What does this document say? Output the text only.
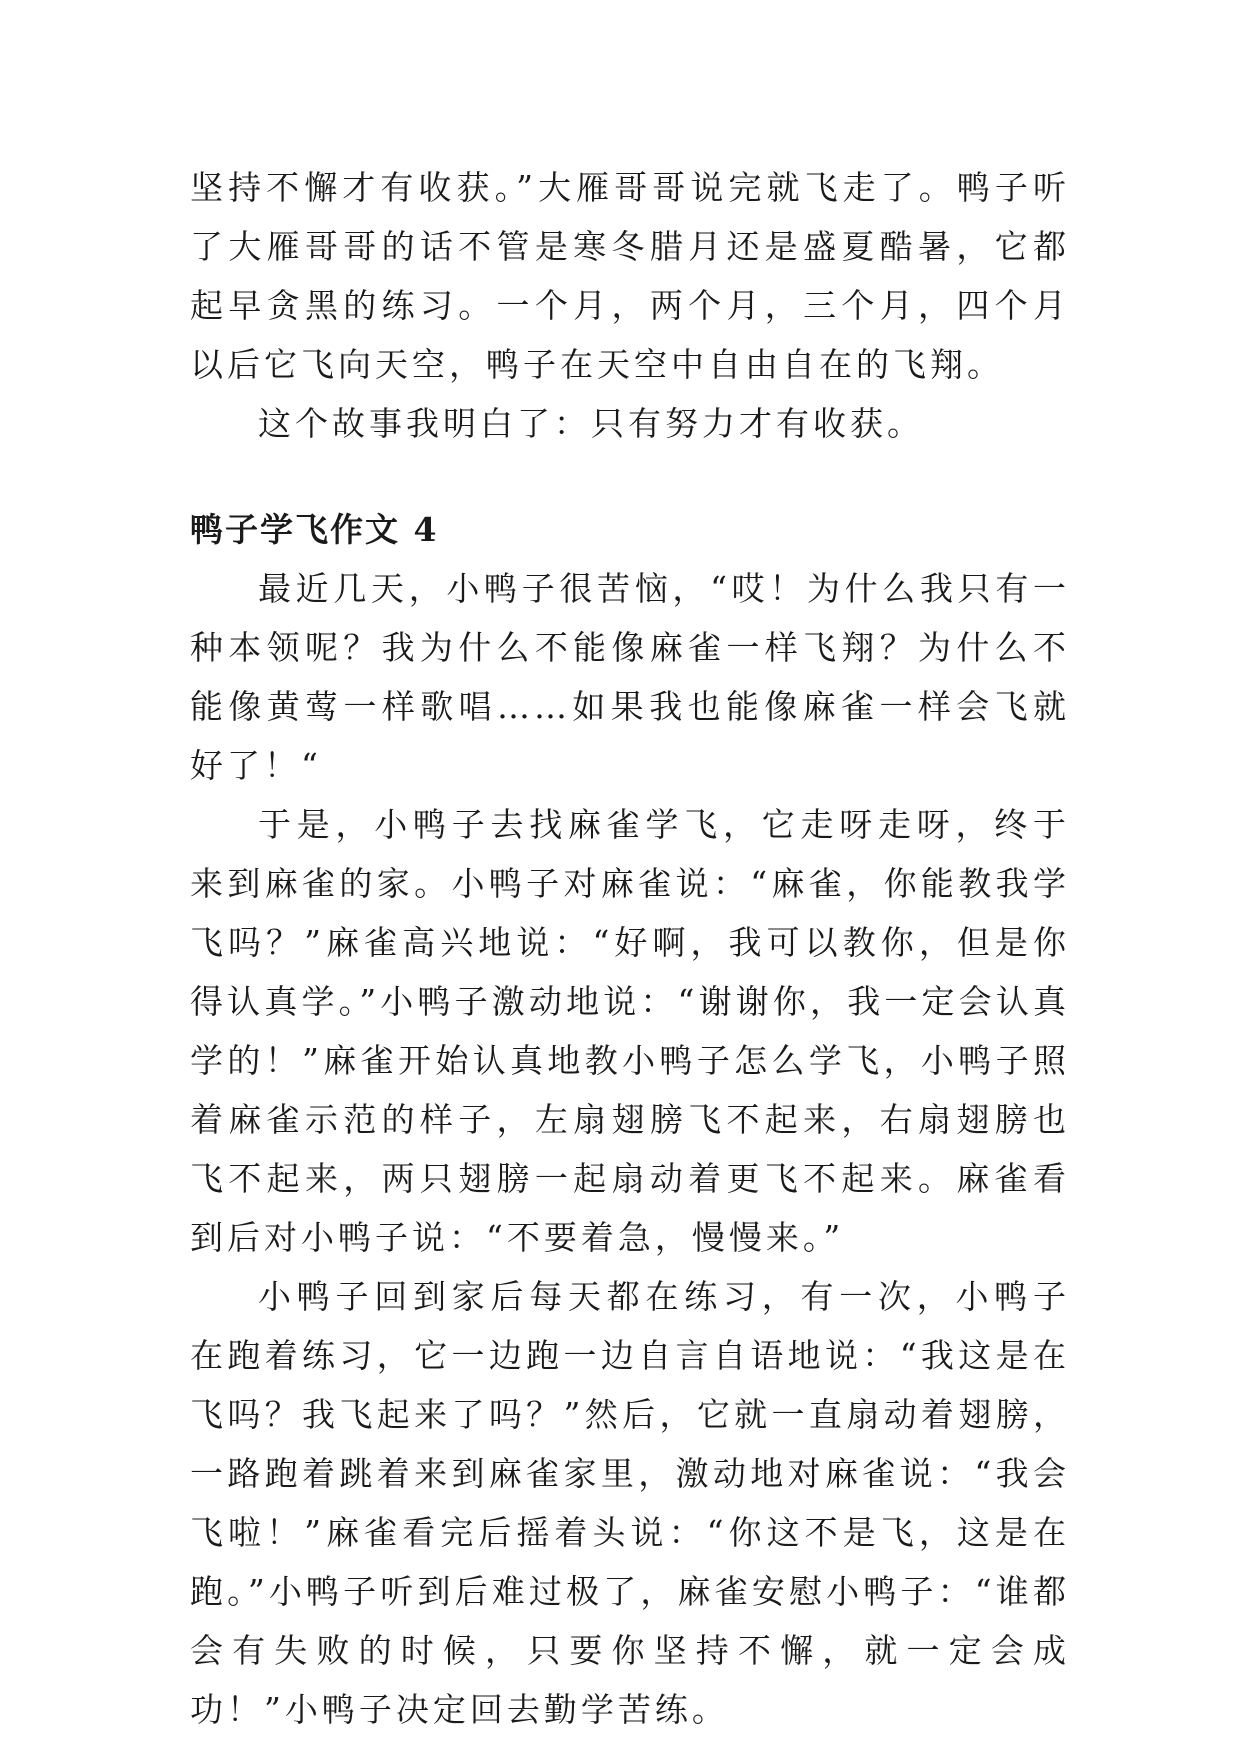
坚持不懈才有收获。”大雁哥哥说完就飞走了。鸭子听了大雁哥哥的话不管是寒冬腊月还是盛夏酷暑，它都起早贪黑的练习。一个月，两个月，三个月，四个月以后它飞向天空，鸭子在天空中自由自在的飞翔。

这个故事我明白了：只有努力才有收获。

鸭子学飞作文 4

最近几天，小鸭子很苦恼，“哎！为什么我只有一种本领呢？我为什么不能像麻雀一样飞翔？为什么不能像黄莺一样歌唱……如果我也能像麻雀一样会飞就好了！“

于是，小鸭子去找麻雀学飞，它走呀走呀，终于来到麻雀的家。小鸭子对麻雀说：“麻雀，你能教我学飞吗？”麻雀高兴地说：“好啊，我可以教你，但是你得认真学。”小鸭子激动地说：“谢谢你，我一定会认真学的！”麻雀开始认真地教小鸭子怎么学飞，小鸭子照着麻雀示范的样子，左扇翅膀飞不起来，右扇翅膀也飞不起来，两只翅膀一起扇动着更飞不起来。麻雀看到后对小鸭子说：“不要着急，慢慢来。”

小鸭子回到家后每天都在练习，有一次，小鸭子在跑着练习，它一边跑一边自言自语地说：“我这是在飞吗？我飞起来了吗？”然后，它就一直扇动着翅膀，一路跑着跳着来到麻雀家里，激动地对麻雀说：“我会飞啦！”麻雀看完后摇着头说：“你这不是飞，这是在跑。”小鸭子听到后难过极了，麻雀安慰小鸭子：“谁都会有失败的时候，只要你坚持不懈，就一定会成功！”小鸭子决定回去勤学苦练。
